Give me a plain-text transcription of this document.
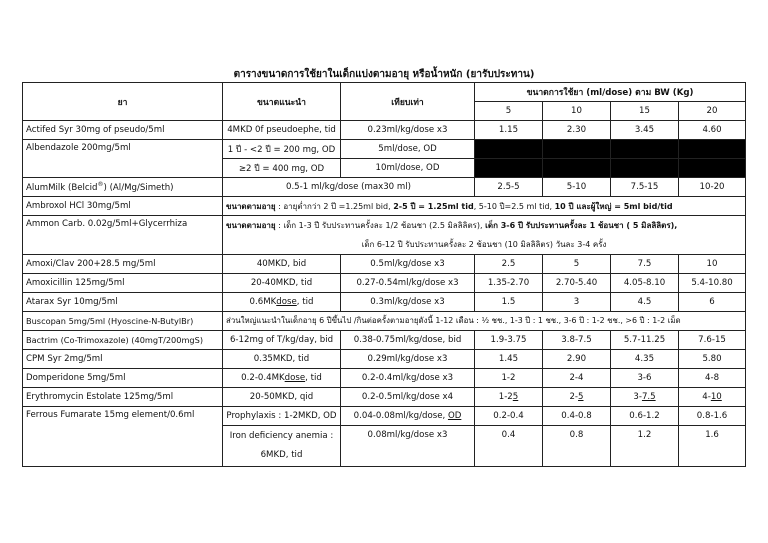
ตารางขนาดการใช้ยาในเด็กแบ่งตามอายุ หรือน้ำหนัก (ยารับประทาน)
ยา	ขนาดแนะนำ	เทียบเท่า	ขนาดการใช้ยา (ml/dose) ตาม BW (Kg)			
			5	10	15	20
Actifed Syr 30mg of pseudo/5ml	4MKD 0f pseudoephe, tid	0.23ml/kg/dose x3	1.15	2.30	3.45	4.60
Albendazole 200mg/5ml	1 ปี - <2 ปี = 200 mg, OD	5ml/dose, OD				
	≥2 ปี = 400 mg, OD	10ml/dose, OD				
AlumMilk (Belcid®) (Al/Mg/Simeth)	0.5-1 ml/kg/dose (max30 ml)		2.5-5	5-10	7.5-15	10-20
Ambroxol HCl 30mg/5ml	ขนาดตามอายุ : อายุต่ำกว่า 2 ปี =1.25ml bid, 2-5 ปี = 1.25ml tid, 5-10 ปี=2.5 ml tid, 10 ปี และผู้ใหญ่ = 5ml bid/tid					
Ammon Carb. 0.02g/5ml+Glycerrhiza	ขนาดตามอายุ : เด็ก 1-3 ปี รับประทานครั้งละ 1/2 ช้อนชา (2.5 มิลลิลิตร), เด็ก 3-6 ปี รับประทานครั้งละ 1 ช้อนชา ( 5 มิลลิลิตร),
เด็ก 6-12 ปี รับประทานครั้งละ 2 ช้อนชา (10 มิลลิลิตร) วันละ 3-4 ครั้ง					

Amoxi/Clav 200+28.5 mg/5ml	40MKD, bid	0.5ml/kg/dose x3	2.5	5	7.5	10
Amoxicillin 125mg/5ml	20-40MKD, tid	0.27-0.54ml/kg/dose x3	1.35-2.70	2.70-5.40	4.05-8.10	5.4-10.80
Atarax Syr 10mg/5ml	0.6MKdose, tid	0.3ml/kg/dose x3	1.5	3	4.5	6
Buscopan 5mg/5ml (Hyoscine-N-ButylBr)	ส่วนใหญ่แนะนำในเด็กอายุ 6 ปีขึ้นไป /กินต่อครั้งตามอายุดังนี้ 1-12 เดือน : ½ ชช., 1-3 ปี : 1 ชช., 3-6 ปี : 1-2 ชช., >6 ปี : 1-2 เม็ด					
Bactrim (Co-Trimoxazole) (40mgT/200mgS)	6-12mg of T/kg/day, bid	0.38-0.75ml/kg/dose, bid	1.9-3.75	3.8-7.5	5.7-11.25	7.6-15
CPM Syr 2mg/5ml	0.35MKD, tid	0.29ml/kg/dose x3	1.45	2.90	4.35	5.80
Domperidone 5mg/5ml	0.2-0.4MKdose, tid	0.2-0.4ml/kg/dose x3	1-2	2-4	3-6	4-8
Erythromycin Estolate 125mg/5ml	20-50MKD, qid	0.2-0.5ml/kg/dose x4	1-25	2-5	3-7.5	4-10
Ferrous Fumarate 15mg element/0.6ml	Prophylaxis : 1-2MKD, OD	0.04-0.08ml/kg/dose, OD	0.2-0.4	0.4-0.8	0.6-1.2	0.8-1.6

	Iron deficiency anemia :
6MKD, tid	0.08ml/kg/dose x3	0.4	0.8	1.2	1.6
